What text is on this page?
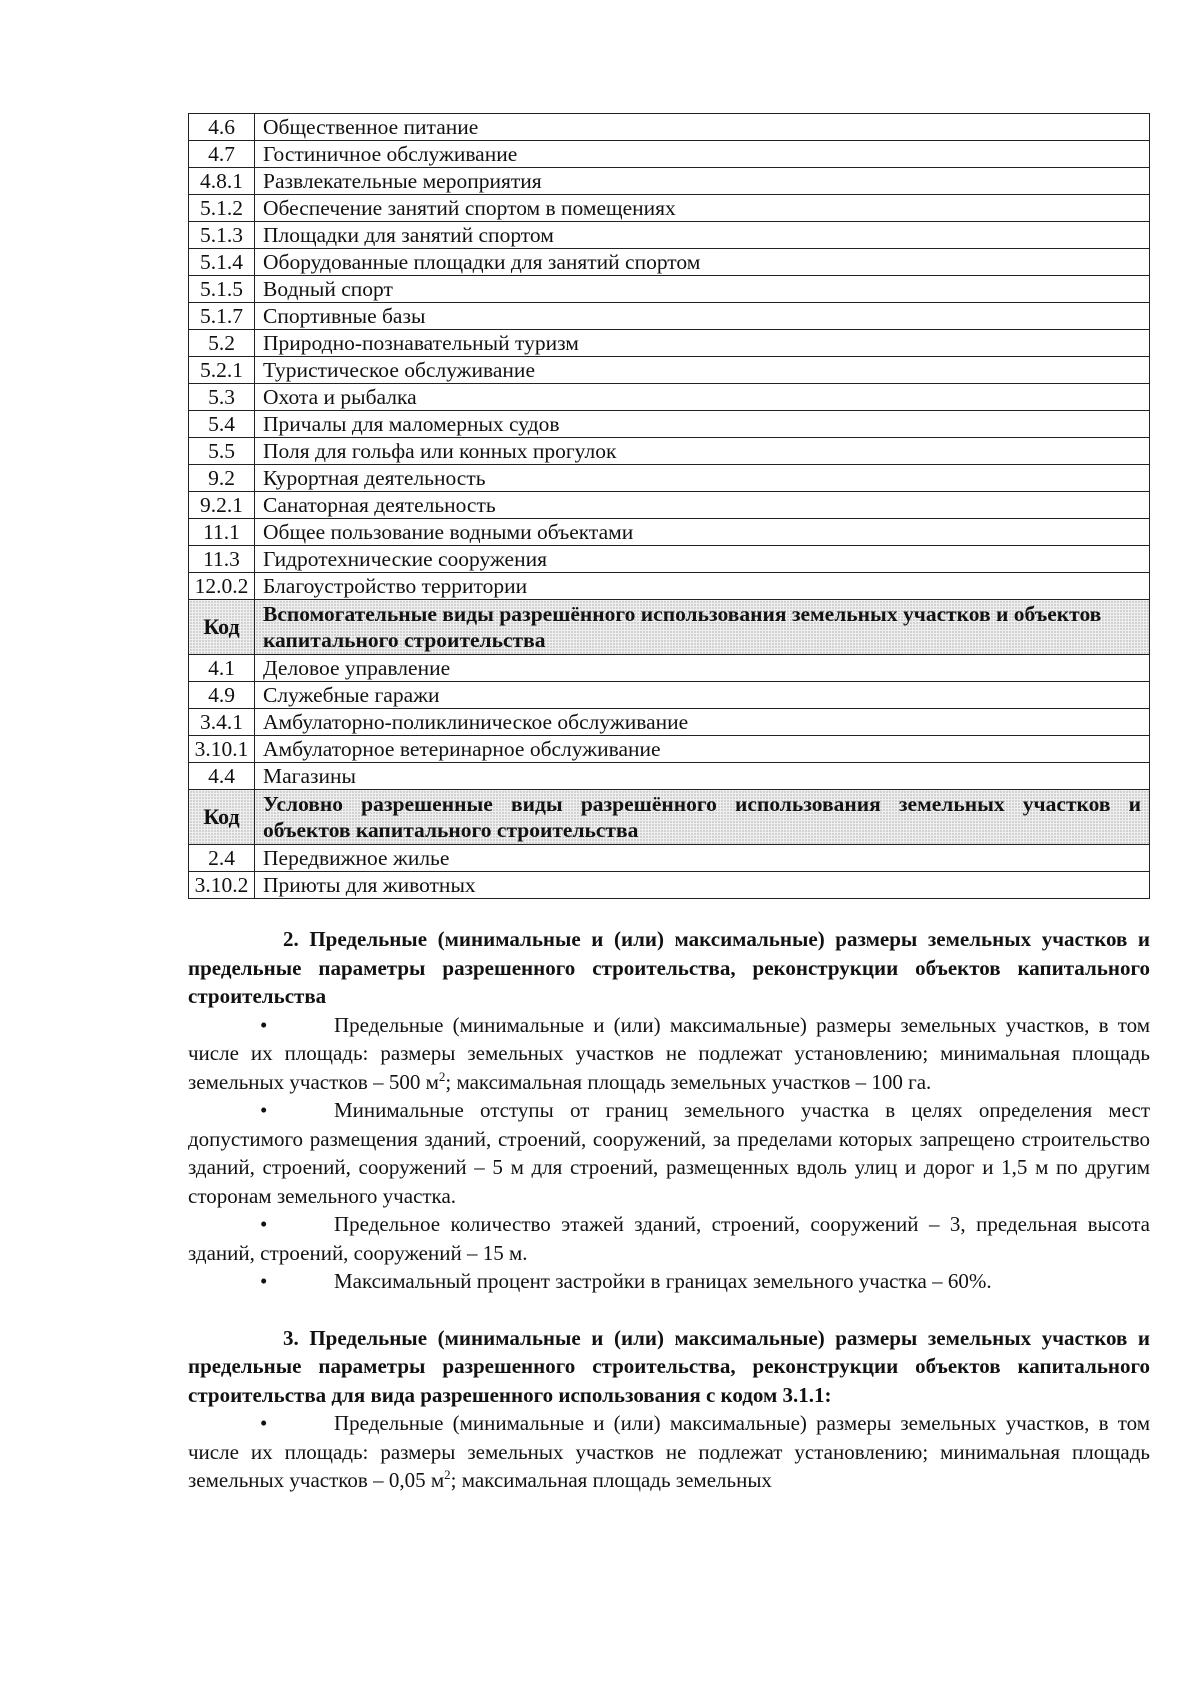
4.6	Общественное питание
4.7	Гостиничное обслуживание
4.8.1	Развлекательные мероприятия
5.1.2	Обеспечение занятий спортом в помещениях
5.1.3	Площадки для занятий спортом
5.1.4	Оборудованные площадки для занятий спортом
5.1.5	Водный спорт
5.1.7	Спортивные базы
5.2	Природно-познавательный туризм
5.2.1	Туристическое обслуживание
5.3	Охота и рыбалка
5.4	Причалы для маломерных судов
5.5	Поля для гольфа или конных прогулок
9.2	Курортная деятельность
9.2.1	Санаторная деятельность
11.1	Общее пользование водными объектами
11.3	Гидротехнические сооружения
12.0.2	Благоустройство территории
Код	Вспомогательные виды разрешённого использования земельных участков и объектов капитального строительства
4.1	Деловое управление
4.9	Служебные гаражи
3.4.1	Амбулаторно-поликлиническое обслуживание
3.10.1	Амбулаторное ветеринарное обслуживание
4.4	Магазины
Код	Условно разрешенные виды разрешённого использования земельных участков и объектов капитального строительства
2.4	Передвижное жилье
3.10.2	Приюты для животных

2. Предельные (минимальные и (или) максимальные) размеры земельных участков и предельные параметры разрешенного строительства, реконструкции объектов капитального строительства

•	Предельные (минимальные и (или) максимальные) размеры земельных участков, в том числе их площадь: размеры земельных участков не подлежат установлению; минимальная площадь земельных участков – 500 $м^2$; максимальная площадь земельных участков – 100 га.

•	Минимальные отступы от границ земельного участка в целях определения мест допустимого размещения зданий, строений, сооружений, за пределами которых запрещено строительство зданий, строений, сооружений – 5 м для строений, размещенных вдоль улиц и дорог и 1,5 м по другим сторонам земельного участка.

•	Предельное количество этажей зданий, строений, сооружений – 3, предельная высота зданий, строений, сооружений – 15 м.

•	Максимальный процент застройки в границах земельного участка – 60%.

3. Предельные (минимальные и (или) максимальные) размеры земельных участков и предельные параметры разрешенного строительства, реконструкции объектов капитального строительства для вида разрешенного использования с кодом 3.1.1:

•	Предельные (минимальные и (или) максимальные) размеры земельных участков, в том числе их площадь: размеры земельных участков не подлежат установлению; минимальная площадь земельных участков – 0,05 $м^2$; максимальная площадь земельных
